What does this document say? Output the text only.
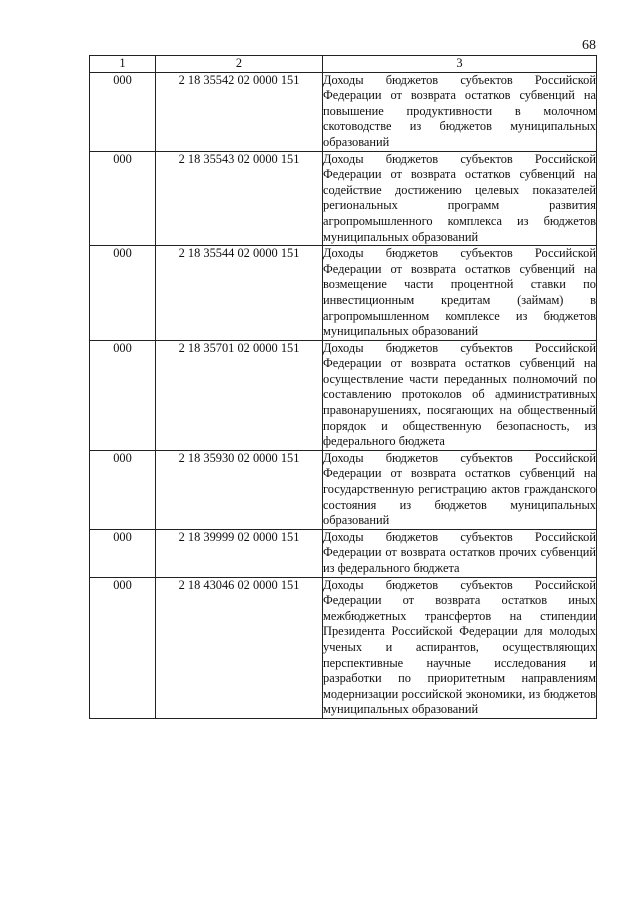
68
1	2	3
000	2 18 35542 02 0000 151	Доходы бюджетов субъектов Российской Федерации от возврата остатков субвенций на повышение продуктивности в молочном скотоводстве из бюджетов муниципальных образований
000	2 18 35543 02 0000 151	Доходы бюджетов субъектов Российской Федерации от возврата остатков субвенций на содействие достижению целевых показателей региональных программ развития агропромышленного комплекса из бюджетов муниципальных образований
000	2 18 35544 02 0000 151	Доходы бюджетов субъектов Российской Федерации от возврата остатков субвенций на возмещение части процентной ставки по инвестиционным кредитам (займам) в агропромышленном комплексе из бюджетов муниципальных образований
000	2 18 35701 02 0000 151	Доходы бюджетов субъектов Российской Федерации от возврата остатков субвенций на осуществление части переданных полномочий по составлению протоколов об административных правонарушениях, посягающих на общественный порядок и общественную безопасность, из федерального бюджета
000	2 18 35930 02 0000 151	Доходы бюджетов субъектов Российской Федерации от возврата остатков субвенций на государственную регистрацию актов гражданского состояния из бюджетов муниципальных образований
000	2 18 39999 02 0000 151	Доходы бюджетов субъектов Российской Федерации от возврата остатков прочих субвенций из федерального бюджета
000	2 18 43046 02 0000 151	Доходы бюджетов субъектов Российской Федерации от возврата остатков иных межбюджетных трансфертов на стипендии Президента Российской Федерации для молодых ученых и аспирантов, осуществляющих перспективные научные исследования и разработки по приоритетным направлениям модернизации российской экономики, из бюджетов муниципальных образований
